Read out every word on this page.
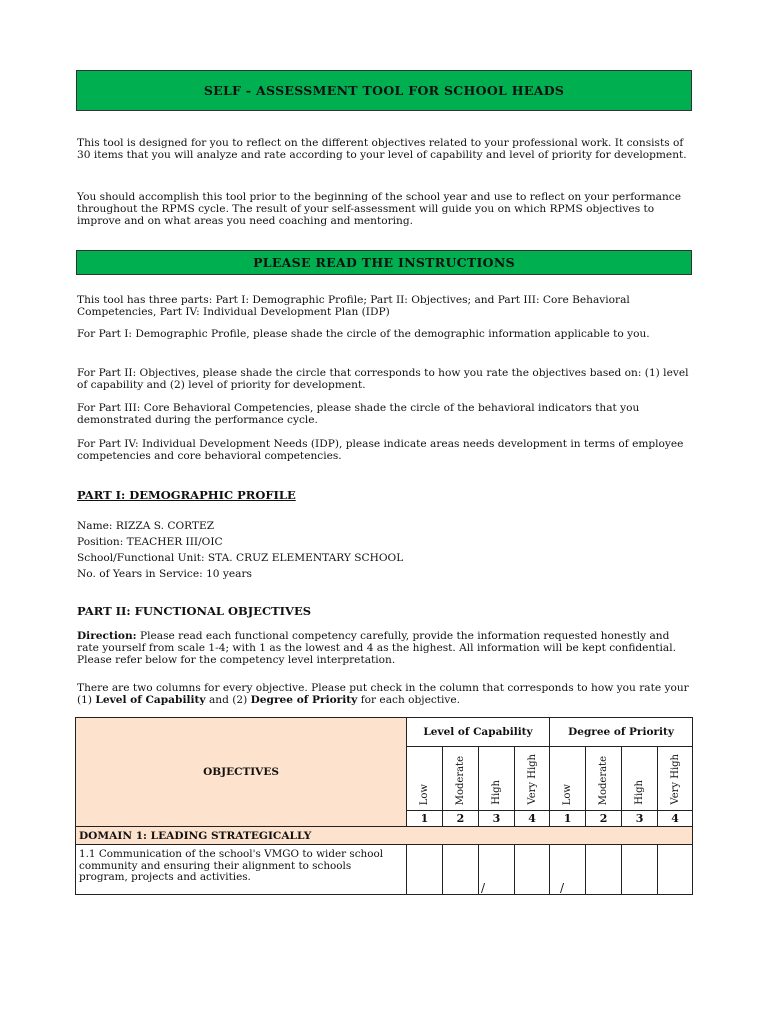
SELF - ASSESSMENT TOOL FOR SCHOOL HEADS

This tool is designed for you to reflect on the different objectives related to your professional work. It consists of 30 items that you will analyze and rate according to your level of capability and level of priority for development.

You should accomplish this tool prior to the beginning of the school year and use to reflect on your performance throughout the RPMS cycle. The result of your self-assessment will guide you on which RPMS objectives to improve and on what areas you need coaching and mentoring.

PLEASE READ THE INSTRUCTIONS

This tool has three parts: Part I: Demographic Profile; Part II: Objectives; and Part III: Core Behavioral Competencies, Part IV: Individual Development Plan (IDP)

For Part I: Demographic Profile, please shade the circle of the demographic information applicable to you.

For Part II: Objectives, please shade the circle that corresponds to how you rate the objectives based on: (1) level of capability and (2) level of priority for development.

For Part III: Core Behavioral Competencies, please shade the circle of the behavioral indicators that you demonstrated during the performance cycle.

For Part IV: Individual Development Needs (IDP), please indicate areas needs development in terms of employee competencies and core behavioral competencies.

PART I: DEMOGRAPHIC PROFILE

Name: RIZZA S. CORTEZ

Position: TEACHER III/OIC

School/Functional Unit: STA. CRUZ ELEMENTARY SCHOOL

No. of Years in Service: 10 years

PART II: FUNCTIONAL OBJECTIVES

Direction: Please read each functional competency carefully, provide the information requested honestly and rate yourself from scale 1-4; with 1 as the lowest and 4 as the highest. All information will be kept confidential. Please refer below for the competency level interpretation.

There are two columns for every objective. Please put check in the column that corresponds to how you rate your (1) Level of Capability and (2) Degree of Priority for each objective.

OBJECTIVES	Level of Capability				Degree of Priority			
	Low	Moderate	High	Very High	Low	Moderate	High	Very High
	1	2	3	4	1	2	3	4
DOMAIN 1: LEADING STRATEGICALLY								
1.1 Communication of the school's VMGO to wider school community and ensuring their alignment to schools program, projects and activities.			/		/			
